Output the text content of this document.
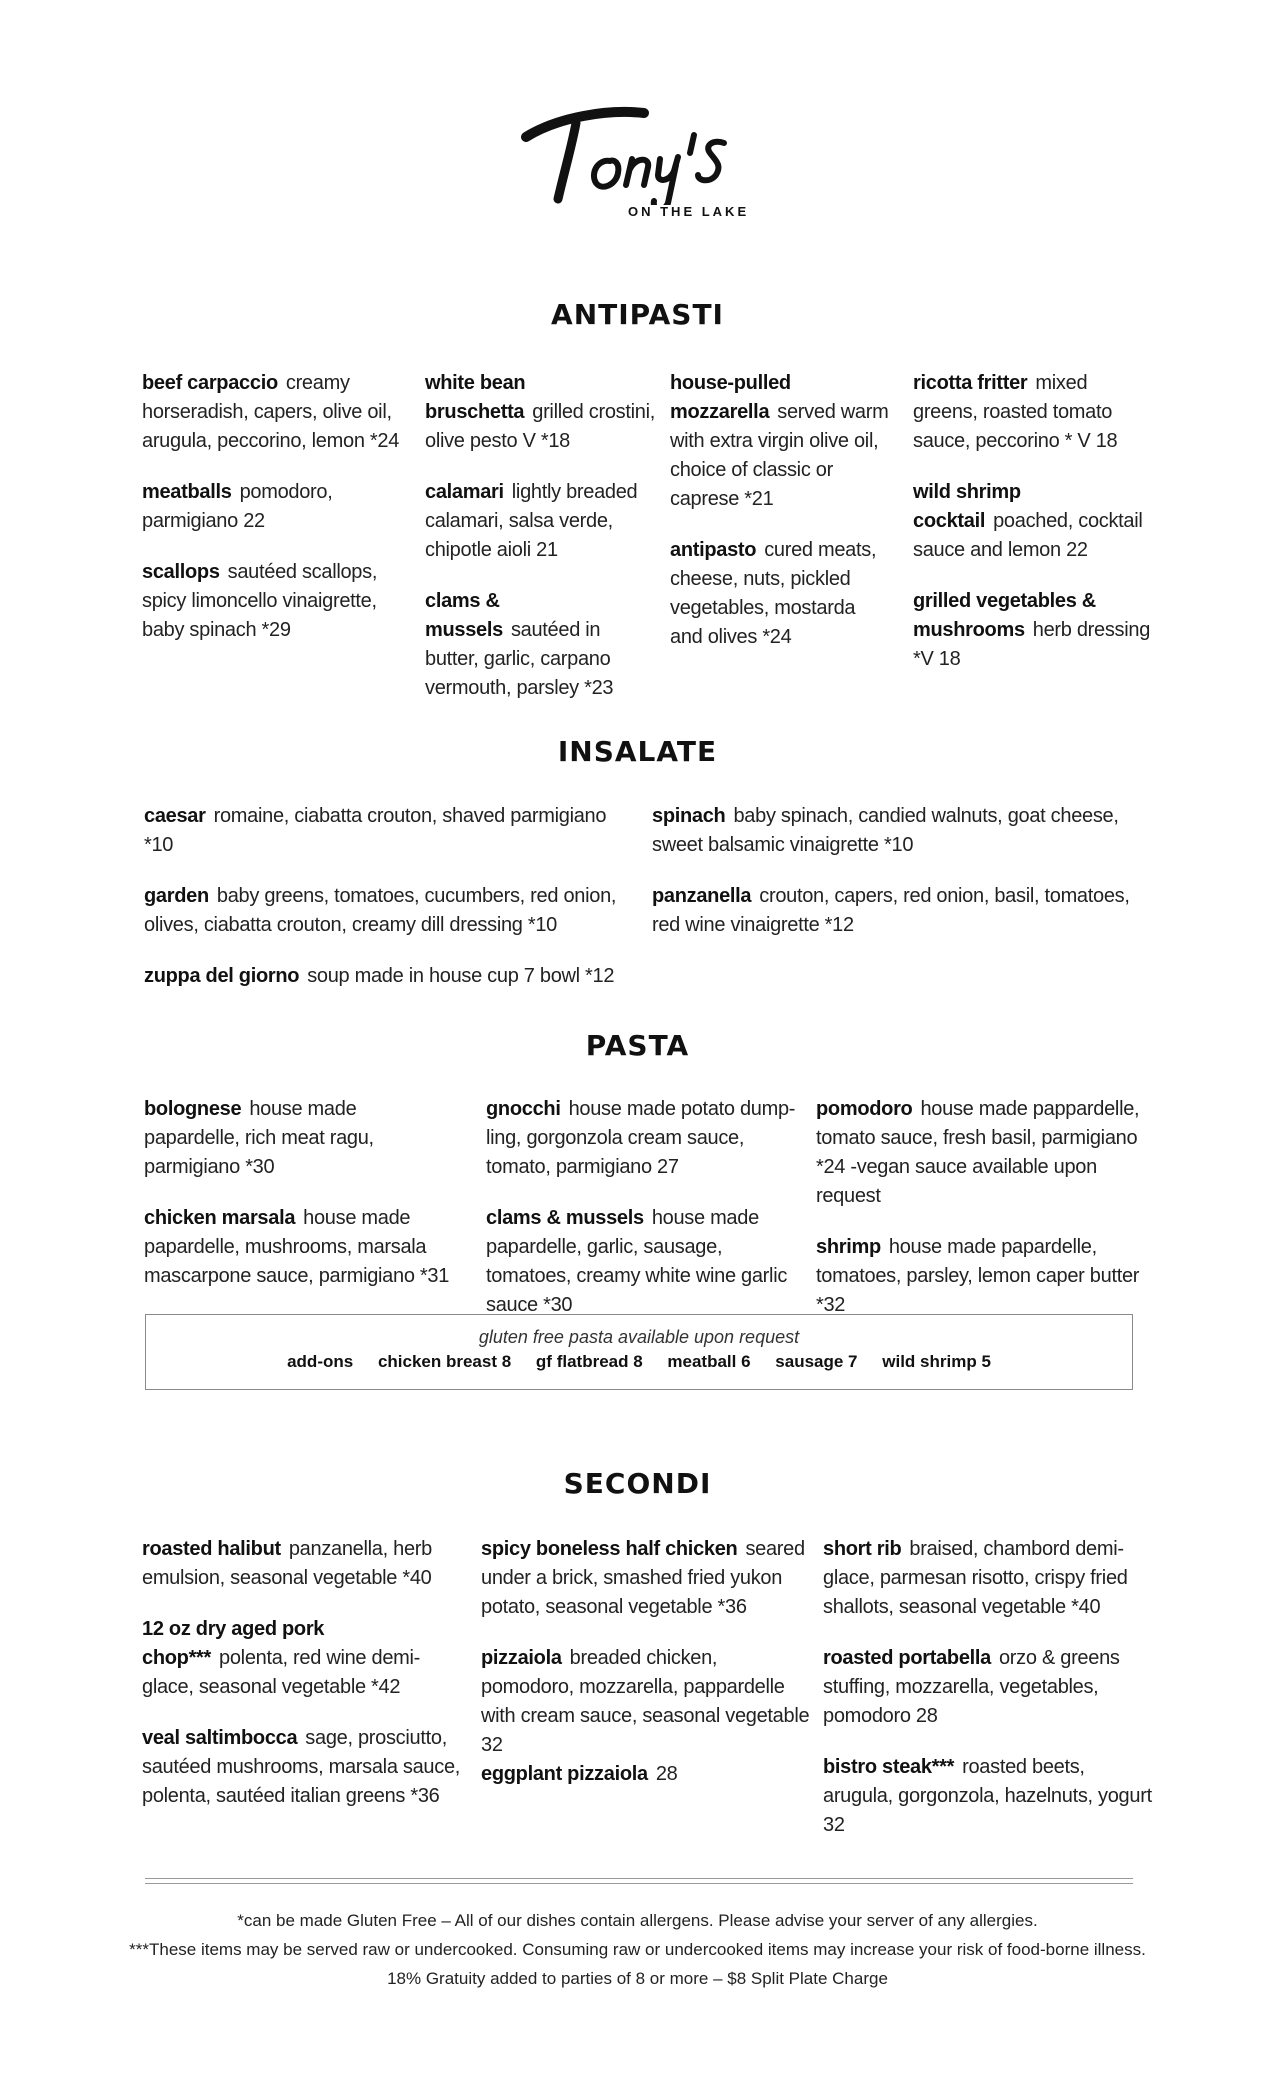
ON THE LAKE
ANTIPASTI
beef carpaccio creamy horseradish, capers, olive oil, arugula, peccorino, lemon *24
meatballs pomodoro, parmigiano 22
scallops sautéed scallops, spicy limoncello vinaigrette, baby spinach *29
white bean bruschetta grilled crostini, olive pesto V *18
calamari lightly breaded calamari, salsa verde, chipotle aioli 21
clams & mussels sautéed in butter, garlic, carpano vermouth, parsley *23
house-pulled mozzarella served warm with extra virgin olive oil, choice of classic or caprese *21
antipasto cured meats, cheese, nuts, pickled vegetables, mostarda and olives *24
ricotta fritter mixed greens, roasted tomato sauce, peccorino * V 18
wild shrimp cocktail poached, cocktail sauce and lemon 22
grilled vegetables & mushrooms herb dressing *V 18
INSALATE
caesar romaine, ciabatta crouton, shaved parmigiano *10
garden baby greens, tomatoes, cucumbers, red onion, olives, ciabatta crouton, creamy dill dressing *10
zuppa del giorno soup made in house cup 7 bowl *12
spinach baby spinach, candied walnuts, goat cheese, sweet balsamic vinaigrette *10
panzanella crouton, capers, red onion, basil, tomatoes, red wine vinaigrette *12
PASTA
bolognese house made papardelle, rich meat ragu, parmigiano *30
chicken marsala house made papardelle, mushrooms, marsala mascarpone sauce, parmigiano *31
gnocchi house made potato dump-ling, gorgonzola cream sauce, tomato, parmigiano 27
clams & mussels house made papardelle, garlic, sausage, tomatoes, creamy white wine garlic sauce *30
pomodoro house made pappardelle, tomato sauce, fresh basil, parmigiano *24 -vegan sauce available upon request
shrimp house made papardelle, tomatoes, parsley, lemon caper butter *32
gluten free pasta available upon request
add-ons chicken breast 8 gf flatbread 8 meatball 6 sausage 7 wild shrimp 5
SECONDI
roasted halibut panzanella, herb emulsion, seasonal vegetable *40
12 oz dry aged pork chop*** polenta, red wine demi-glace, seasonal vegetable *42
veal saltimbocca sage, prosciutto, sautéed mushrooms, marsala sauce, polenta, sautéed italian greens *36
spicy boneless half chicken seared under a brick, smashed fried yukon potato, seasonal vegetable *36
pizzaiola breaded chicken, pomodoro, mozzarella, pappardelle with cream sauce, seasonal vegetable 32
eggplant pizzaiola 28
short rib braised, chambord demi-glace, parmesan risotto, crispy fried shallots, seasonal vegetable *40
roasted portabella orzo & greens stuffing, mozzarella, vegetables, pomodoro 28
bistro steak*** roasted beets, arugula, gorgonzola, hazelnuts, yogurt 32
*can be made Gluten Free – All of our dishes contain allergens. Please advise your server of any allergies.
***These items may be served raw or undercooked. Consuming raw or undercooked items may increase your risk of food-borne illness.
18% Gratuity added to parties of 8 or more – $8 Split Plate Charge
